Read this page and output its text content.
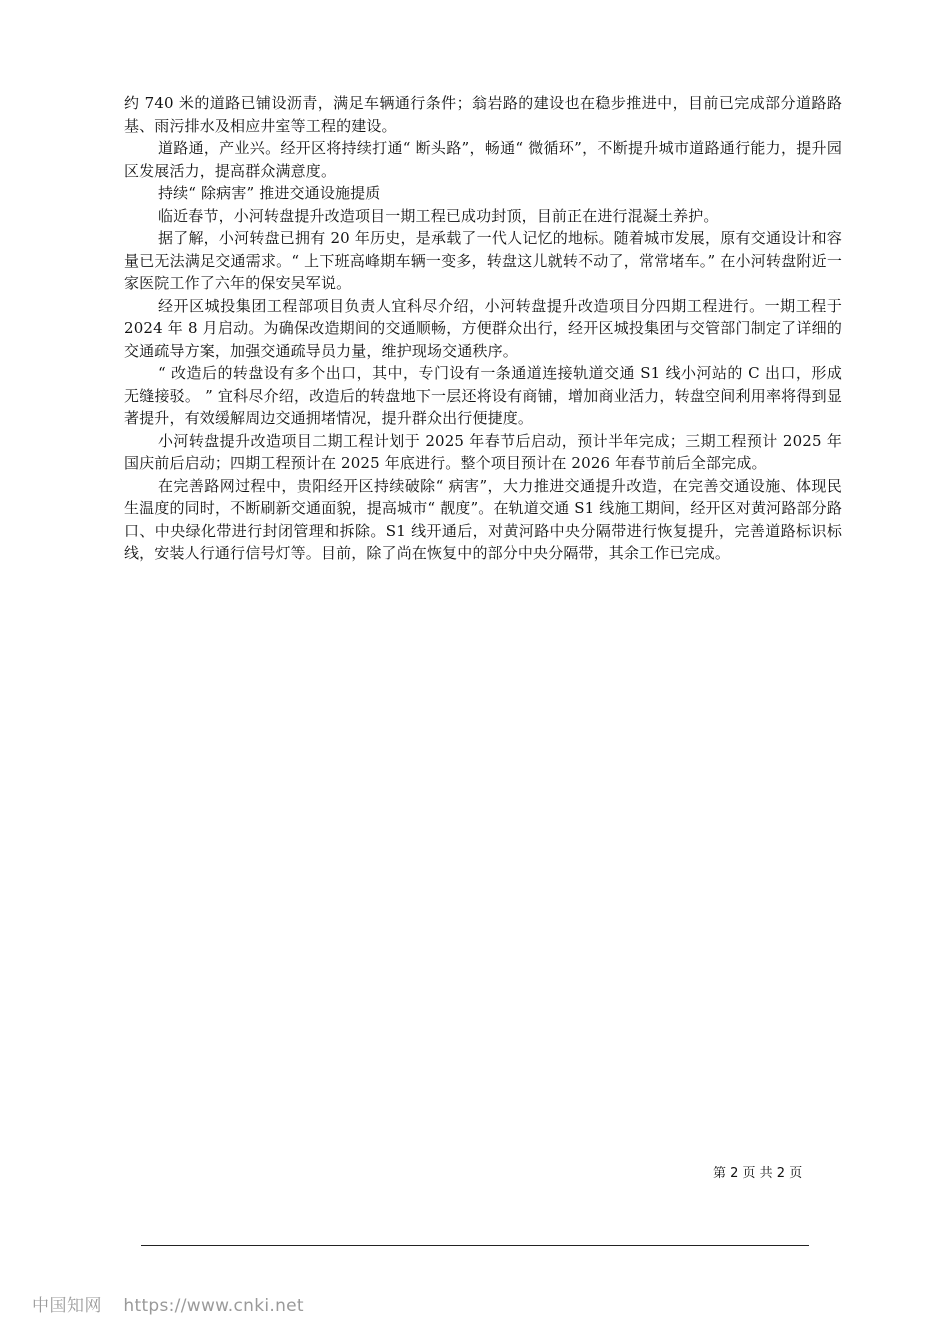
约 740 米的道路已铺设沥青，满足车辆通行条件；翁岩路的建设也在稳步推进中，目前已完成部分道路路基、雨污排水及相应井室等工程的建设。

道路通，产业兴。经开区将持续打通“ 断头路”，畅通“ 微循环”，不断提升城市道路通行能力，提升园区发展活力，提高群众满意度。

持续“ 除病害” 推进交通设施提质

临近春节，小河转盘提升改造项目一期工程已成功封顶，目前正在进行混凝土养护。

据了解，小河转盘已拥有 20 年历史，是承载了一代人记忆的地标。随着城市发展，原有交通设计和容量已无法满足交通需求。“ 上下班高峰期车辆一变多，转盘这儿就转不动了，常常堵车。” 在小河转盘附近一家医院工作了六年的保安吴军说。

经开区城投集团工程部项目负责人宜科尽介绍，小河转盘提升改造项目分四期工程进行。一期工程于 2024 年 8 月启动。为确保改造期间的交通顺畅，方便群众出行，经开区城投集团与交管部门制定了详细的交通疏导方案，加强交通疏导员力量，维护现场交通秩序。

“ 改造后的转盘设有多个出口，其中，专门设有一条通道连接轨道交通 S1 线小河站的 C 出口，形成无缝接驳。 ” 宜科尽介绍，改造后的转盘地下一层还将设有商铺，增加商业活力，转盘空间利用率将得到显著提升，有效缓解周边交通拥堵情况，提升群众出行便捷度。

小河转盘提升改造项目二期工程计划于 2025 年春节后启动，预计半年完成；三期工程预计 2025 年国庆前后启动；四期工程预计在 2025 年底进行。整个项目预计在 2026 年春节前后全部完成。

在完善路网过程中，贵阳经开区持续破除“ 病害”，大力推进交通提升改造，在完善交通设施、体现民生温度的同时，不断刷新交通面貌，提高城市“ 靓度”。在轨道交通 S1 线施工期间，经开区对黄河路部分路口、中央绿化带进行封闭管理和拆除。S1 线开通后，对黄河路中央分隔带进行恢复提升，完善道路标识标线，安装人行通行信号灯等。目前，除了尚在恢复中的部分中央分隔带，其余工作已完成。

第 2 页 共 2 页
中国知网 https://www.cnki.net
